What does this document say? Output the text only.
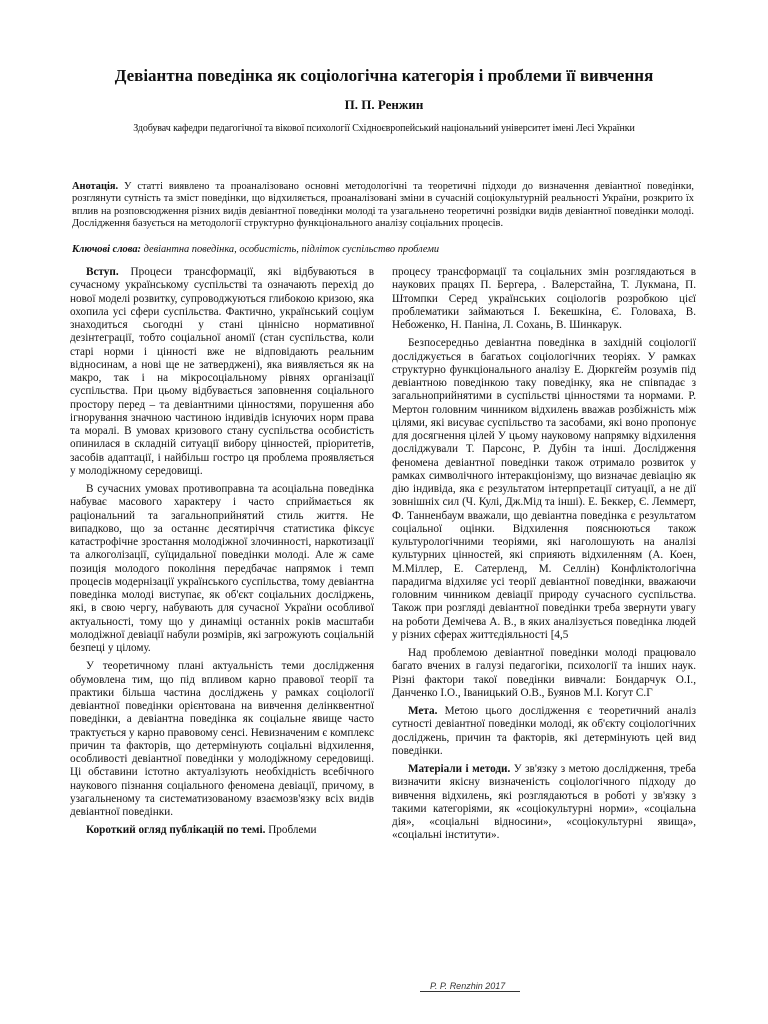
Девіантна поведінка як соціологічна категорія і проблеми її вивчення
П. П. Ренжин
Здобувач кафедри педагогічної та вікової психології Східноєвропейський національний університет імені Лесі Українки
Анотація. У статті виявлено та проаналізовано основні методологічні та теоретичні підходи до визначення девіантної поведінки, розглянути сутність та зміст поведінки, що відхиляється, проаналізовані зміни в сучасній соціокультурній реальності України, розкрито їх вплив на розповсюдження різних видів девіантної поведінки молоді та узагальнено теоретичні розвідки видів девіантної поведінки молоді. Дослідження базується на методології структурно функціонального аналізу соціальних процесів.
Ключові слова: девіантна поведінка, особистість, підліток суспільство проблеми

Вступ. Процеси трансформації, які відбуваються в сучасному українському суспільстві та означають перехід до нової моделі розвитку, супроводжуються глибокою кризою, яка охопила усі сфери суспільства. Фактично, український соціум знаходиться сьогодні у стані ціннісно нормативної дезінтеграції, тобто соціальної аномії (стан суспільства, коли старі норми і цінності вже не відповідають реальним відносинам, а нові ще не затверджені), яка виявляється як на макро, так і на мікросоціальному рівнях організації суспільства. При цьому відбувається заповнення соціального простору перед – та девіантними цінностями, порушення або ігнорування значною частиною індивідів існуючих норм права та моралі. В умовах кризового стану суспільства особистість опинилася в складній ситуації вибору цінностей, пріоритетів, засобів адаптації, і найбільш гостро ця проблема проявляється у молодіжному середовищі.

В сучасних умовах противоправна та асоціальна поведінка набуває масового характеру і часто сприймається як раціональний та загальноприйнятий стиль життя. Не випадково, що за останнє десятиріччя статистика фіксує катастрофічне зростання молодіжної злочинності, наркотизації та алкоголізації, суїцидальної поведінки молоді. Але ж саме позиція молодого покоління передбачає напрямок і темп процесів модернізації українського суспільства, тому девіантна поведінка молоді виступає, як об'єкт соціальних досліджень, які, в свою чергу, набувають для сучасної України особливої актуальності, тому що у динаміці останніх років масштаби молодіжної девіації набули розмірів, які загрожують соціальній безпеці у цілому.

У теоретичному плані актуальність теми дослідження обумовлена тим, що під впливом карно правової теорії та практики більша частина досліджень у рамках соціології девіантної поведінки орієнтована на вивчення делінквентної поведінки, а девіантна поведінка як соціальне явище часто трактується у карно правовому сенсі. Невизначеним є комплекс причин та факторів, що детермінують соціальні відхилення, особливості девіантної поведінки у молодіжному середовищі. Ці обставини істотно актуалізують необхідність всебічного наукового пізнання соціального феномена девіації, причому, в узагальненому та систематизованому взаємозв'язку всіх видів девіантної поведінки.

Короткий огляд публікацій по темі. Проблеми

процесу трансформації та соціальних змін розглядаються в наукових працях П. Бергера, . Валерстайна, Т. Лукмана, П. Штомпки Серед українських соціологів розробкою цієї проблематики займаються І. Бекешкіна, Є. Головаха, В. Небоженко, Н. Паніна, Л. Сохань, В. Шинкарук.

Безпосередньо девіантна поведінка в західній соціології досліджується в багатьох соціологічних теоріях. У рамках структурно функціонального аналізу Е. Дюркгейм розумів під девіантною поведінкою таку поведінку, яка не співпадає з загальноприйнятими в суспільстві цінностями та нормами. Р. Мертон головним чинником відхилень вважав розбіжність між цілями, які висуває суспільство та засобами, які воно пропонує для досягнення цілей У цьому науковому напрямку відхилення досліджували Т. Парсонс, Р. Дубін та інші. Дослідження феномена девіантної поведінки також отримало розвиток у рамках символічного інтеракціонізму, що визначає девіацію як дію індивіда, яка є результатом інтерпретації ситуації, а не дії зовнішніх сил (Ч. Кулі, Дж.Мід та інші). Е. Беккер, Є. Леммерт, Ф. Танненбаум вважали, що девіантна поведінка є результатом соціальної оцінки. Відхилення пояснюються також культурологічними теоріями, які наголошують на аналізі культурних цінностей, які сприяють відхиленням (А. Коен, М.Міллер, Е. Сатерленд, М. Селлін) Конфліктологічна парадигма відхиляє усі теорії девіантної поведінки, вважаючи головним чинником девіації природу сучасного суспільства. Також при розгляді девіантної поведінки треба звернути увагу на роботи Демічева А. В., в яких аналізується поведінка людей у різних сферах життєдіяльності [4,5

Над проблемою девіантної поведінки молоді працювало багато вчених в галузі педагогіки, психології та інших наук. Різні фактори такої поведінки вивчали: Бондарчук О.І., Данченко І.О., Іваницький О.В., Буянов М.І. Когут С.Г

Мета. Метою цього дослідження є теоретичний аналіз сутності девіантної поведінки молоді, як об'єкту соціологічних досліджень, причин та факторів, які детермінують цей вид поведінки.

Матеріали і методи. У зв'язку з метою дослідження, треба визначити якісну визначеність соціологічного підходу до вивчення відхилень, які розглядаються в роботі у зв'язку з такими категоріями, як «соціокультурні норми», «соціальна дія», «соціальні відносини», «соціокультурні явища», «соціальні інститути».

P. P. Renzhin 2017
